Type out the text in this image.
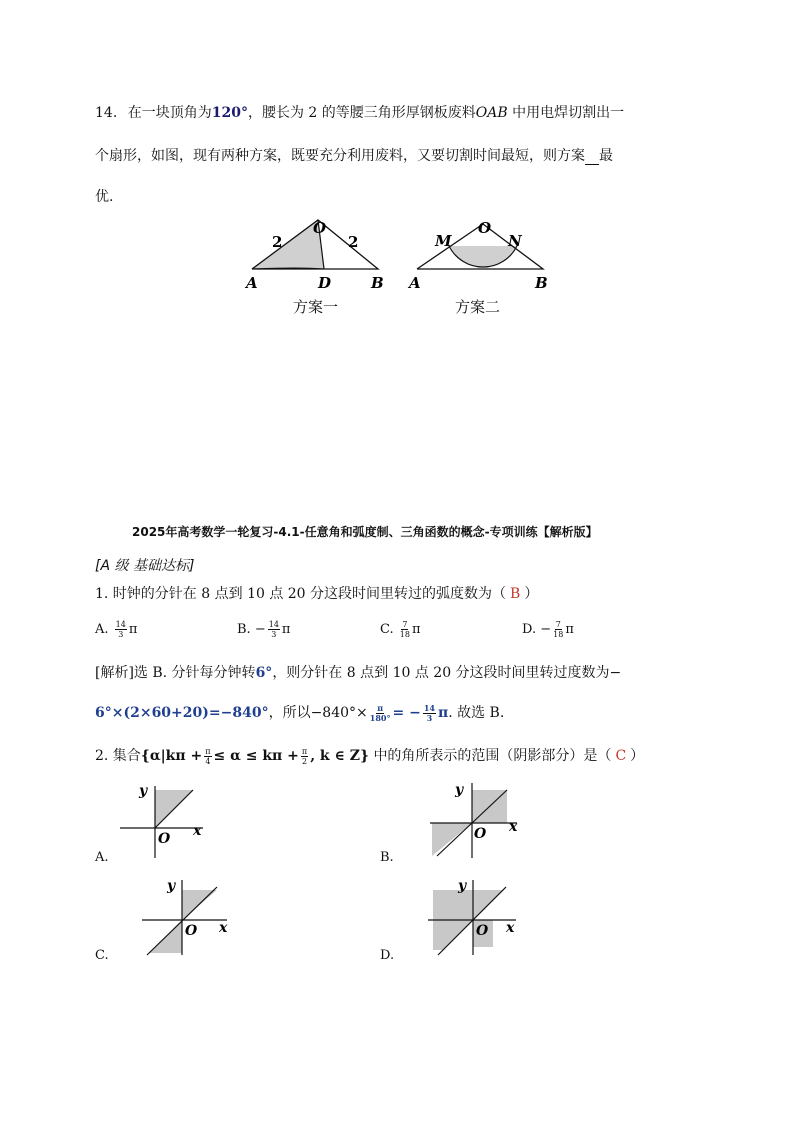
14. 在一块顶角为120°，腰长为 2 的等腰三角形厚钢板废料OAB 中用电焊切割出一
个扇形，如图，现有两种方案，既要充分利用废料，又要切割时间最短，则方案__最
优.
O
2	2
A	D	B
方案一
O
M	N
A	B
方案二
2025年高考数学一轮复习-4.1-任意角和弧度制、三角函数的概念-专项训练【解析版】
[A 级 基础达标]
1. 时钟的分针在 8 点到 10 点 20 分这段时间里转过的弧度数为（ B ）
A. $\frac{14}{3}$ π	B. − $\frac{14}{3}$ π	C. $\frac{7}{18}$ π	D. − $\frac{7}{18}$ π
[解析]选 B. 分针每分钟转6°，则分针在 8 点到 10 点 20 分这段时间里转过度数为−
6°×(2×60+20)=−840°，所以$-840^\circ\times \frac{\pi}{180^\circ}$ = − $\frac{14}{3} \pi$. 故选 B.
2. 集合{$\alpha|k\pi + \frac{\pi}{4} \le \alpha \le k\pi + \frac{\pi}{2}$ , k ∈ Z} 中的角所表示的范围（阴影部分）是（ C ）
y
O x
A.
y
O x
B.
y
O x
C.
y
O x
D.
